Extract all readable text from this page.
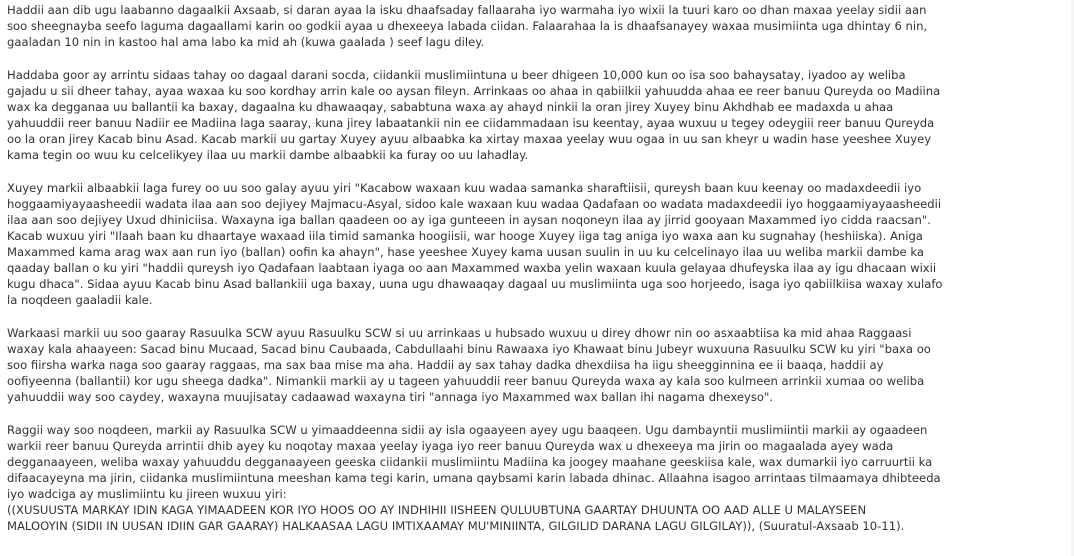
Haddii aan dib ugu laabanno dagaalkii Axsaab, si daran ayaa la isku dhaafsaday fallaaraha iyo warmaha iyo wixii la tuuri karo oo dhan maxaa yeelay sidii aan
soo sheegnayba seefo laguma dagaallami karin oo godkii ayaa u dhexeeya labada ciidan. Falaarahaa la is dhaafsanayey waxaa musimiinta uga dhintay 6 nin,
gaaladan 10 nin in kastoo hal ama labo ka mid ah (kuwa gaalada ) seef lagu diley.

Haddaba goor ay arrintu sidaas tahay oo dagaal darani socda, ciidankii muslimiintuna u beer dhigeen 10,000 kun oo isa soo bahaysatay, iyadoo ay weliba
gajadu u sii dheer tahay, ayaa waxaa ku soo kordhay arrin kale oo aysan fileyn. Arrinkaas oo ahaa in qabiilkii yahuudda ahaa ee reer banuu Qureyda oo Madiina
wax ka degganaa uu ballantii ka baxay, dagaalna ku dhawaaqay, sababtuna waxa ay ahayd ninkii la oran jirey Xuyey binu Akhdhab ee madaxda u ahaa
yahuuddii reer banuu Nadiir ee Madiina laga saaray, kuna jirey labaatankii nin ee ciidammadaan isu keentay, ayaa wuxuu u tegey odeygiii reer banuu Qureyda
oo la oran jirey Kacab binu Asad. Kacab markii uu gartay Xuyey ayuu albaabka ka xirtay maxaa yeelay wuu ogaa in uu san kheyr u wadin hase yeeshee Xuyey
kama tegin oo wuu ku celcelikyey ilaa uu markii dambe albaabkii ka furay oo uu lahadlay.

Xuyey markii albaabkii laga furey oo uu soo galay ayuu yiri "Kacabow waxaan kuu wadaa samanka sharaftiisii, qureysh baan kuu keenay oo madaxdeedii iyo
hoggaamiyayaasheedii wadata ilaa aan soo dejiyey Majmacu-Asyal, sidoo kale waxaan kuu wadaa Qadafaan oo wadata madaxdeedii iyo hoggaamiyayaasheedii
ilaa aan soo dejiyey Uxud dhiniciisa. Waxayna iga ballan qaadeen oo ay iga gunteeen in aysan noqoneyn ilaa ay jirrid gooyaan Maxammed iyo cidda raacsan".
Kacab wuxuu yiri "Ilaah baan ku dhaartaye waxaad iila timid samanka hoogiisii, war hooge Xuyey iiga tag aniga iyo waxa aan ku sugnahay (heshiiska). Aniga
Maxammed kama arag wax aan run iyo (ballan) oofin ka ahayn", hase yeeshee Xuyey kama uusan suulin in uu ku celcelinayo ilaa uu weliba markii dambe ka
qaaday ballan o ku yiri "haddii qureysh iyo Qadafaan laabtaan iyaga oo aan Maxammed waxba yelin waxaan kuula gelayaa dhufeyska ilaa ay igu dhacaan wixii
kugu dhaca". Sidaa ayuu Kacab binu Asad ballankiii uga baxay, uuna ugu dhawaaqay dagaal uu muslimiinta uga soo horjeedo, isaga iyo qabiilkiisa waxay xulafo
la noqdeen gaaladii kale.

Warkaasi markii uu soo gaaray Rasuulka SCW ayuu Rasuulku SCW si uu arrinkaas u hubsado wuxuu u direy dhowr nin oo asxaabtiisa ka mid ahaa Raggaasi
waxay kala ahaayeen: Sacad binu Mucaad, Sacad binu Caubaada, Cabdullaahi binu Rawaaxa iyo Khawaat binu Jubeyr wuxuuna Rasuulku SCW ku yiri "baxa oo
soo fiirsha warka naga soo gaaray raggaas, ma sax baa mise ma aha. Haddii ay sax tahay dadka dhexdiisa ha iigu sheegginnina ee ii baaqa, haddii ay
oofiyeenna (ballantii) kor ugu sheega dadka". Nimankii markii ay u tageen yahuuddii reer banuu Qureyda waxa ay kala soo kulmeen arrinkii xumaa oo weliba
yahuuddii way soo caydey, waxayna muujisatay cadaawad waxayna tiri "annaga iyo Maxammed wax ballan ihi nagama dhexeyso".

Raggii way soo noqdeen, markii ay Rasuulka SCW u yimaaddeenna sidii ay isla ogaayeen ayey ugu baaqeen. Ugu dambayntii muslimiintii markii ay ogaadeen
warkii reer banuu Qureyda arrintii dhib ayey ku noqotay maxaa yeelay iyaga iyo reer banuu Qureyda wax u dhexeeya ma jirin oo magaalada ayey wada
degganaayeen, weliba waxay yahuuddu degganaayeen geeska ciidankii muslimiintu Madiina ka joogey maahane geeskiisa kale, wax dumarkii iyo carruurtii ka
difaacayeyna ma jirin, ciidanka muslimiintuna meeshan kama tegi karin, umana qaybsami karin labada dhinac. Allaahna isagoo arrintaas tilmaamaya dhibteeda
iyo wadciga ay muslimiintu ku jireen wuxuu yiri:
((XUSUUSTA MARKAY IDIN KAGA YIMAADEEN KOR IYO HOOS OO AY INDHIHII IISHEEN QULUUBTUNA GAARTAY DHUUNTA OO AAD ALLE U MALAYSEEN
MALOOYIN (SIDII IN UUSAN IDIIN GAR GAARAY) HALKAASAA LAGU IMTIXAAMAY MU'MINIINTA, GILGILID DARANA LAGU GILGILAY)), (Suuratul-Axsaab 10-11).
